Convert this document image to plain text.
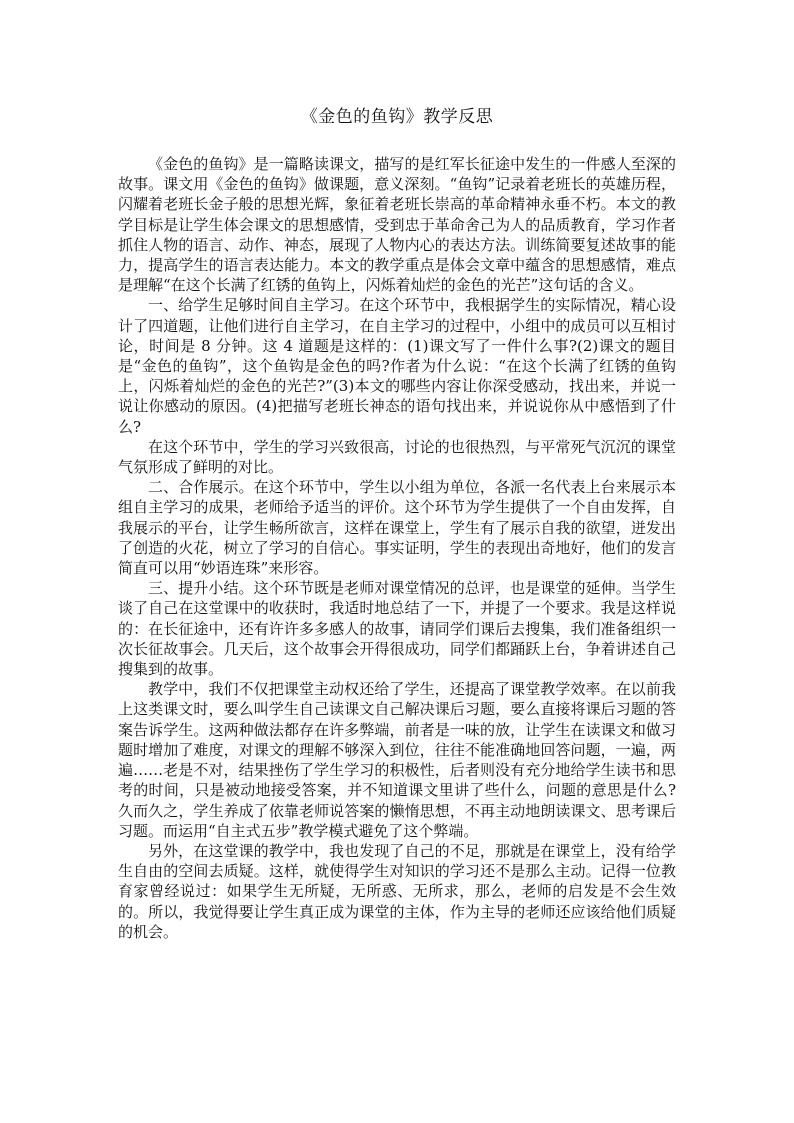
《金色的鱼钩》教学反思

《金色的鱼钩》是一篇略读课文，描写的是红军长征途中发生的一件感人至深的故事。课文用《金色的鱼钩》做课题，意义深刻。“鱼钩”记录着老班长的英雄历程，闪耀着老班长金子般的思想光辉，象征着老班长崇高的革命精神永垂不朽。本文的教学目标是让学生体会课文的思想感情，受到忠于革命舍己为人的品质教育，学习作者抓住人物的语言、动作、神态，展现了人物内心的表达方法。训练简要复述故事的能力，提高学生的语言表达能力。本文的教学重点是体会文章中蕴含的思想感情，难点是理解“在这个长满了红锈的鱼钩上，闪烁着灿烂的金色的光芒”这句话的含义。

一、给学生足够时间自主学习。在这个环节中，我根据学生的实际情况，精心设计了四道题，让他们进行自主学习，在自主学习的过程中，小组中的成员可以互相讨论，时间是 8 分钟。这 4 道题是这样的：(1)课文写了一件什么事?(2)课文的题目是“金色的鱼钩”，这个鱼钩是金色的吗?作者为什么说：“在这个长满了红锈的鱼钩上，闪烁着灿烂的金色的光芒?”(3)本文的哪些内容让你深受感动，找出来，并说一说让你感动的原因。(4)把描写老班长神态的语句找出来，并说说你从中感悟到了什么?

在这个环节中，学生的学习兴致很高，讨论的也很热烈，与平常死气沉沉的课堂气氛形成了鲜明的对比。

二、合作展示。在这个环节中，学生以小组为单位，各派一名代表上台来展示本组自主学习的成果，老师给予适当的评价。这个环节为学生提供了一个自由发挥，自我展示的平台，让学生畅所欲言，这样在课堂上，学生有了展示自我的欲望，迸发出了创造的火花，树立了学习的自信心。事实证明，学生的表现出奇地好，他们的发言简直可以用“妙语连珠”来形容。

三、提升小结。这个环节既是老师对课堂情况的总评，也是课堂的延伸。当学生谈了自己在这堂课中的收获时，我适时地总结了一下，并提了一个要求。我是这样说的：在长征途中，还有许许多多感人的故事，请同学们课后去搜集，我们准备组织一次长征故事会。几天后，这个故事会开得很成功，同学们都踊跃上台，争着讲述自己搜集到的故事。

教学中，我们不仅把课堂主动权还给了学生，还提高了课堂教学效率。在以前我上这类课文时，要么叫学生自己读课文自己解决课后习题，要么直接将课后习题的答案告诉学生。这两种做法都存在许多弊端，前者是一味的放，让学生在读课文和做习题时增加了难度，对课文的理解不够深入到位，往往不能准确地回答问题，一遍，两遍……老是不对，结果挫伤了学生学习的积极性，后者则没有充分地给学生读书和思考的时间，只是被动地接受答案，并不知道课文里讲了些什么，问题的意思是什么?久而久之，学生养成了依靠老师说答案的懒惰思想，不再主动地朗读课文、思考课后习题。而运用“自主式五步”教学模式避免了这个弊端。

另外，在这堂课的教学中，我也发现了自己的不足，那就是在课堂上，没有给学生自由的空间去质疑。这样，就使得学生对知识的学习还不是那么主动。记得一位教育家曾经说过：如果学生无所疑，无所惑、无所求，那么，老师的启发是不会生效的。所以，我觉得要让学生真正成为课堂的主体，作为主导的老师还应该给他们质疑的机会。
